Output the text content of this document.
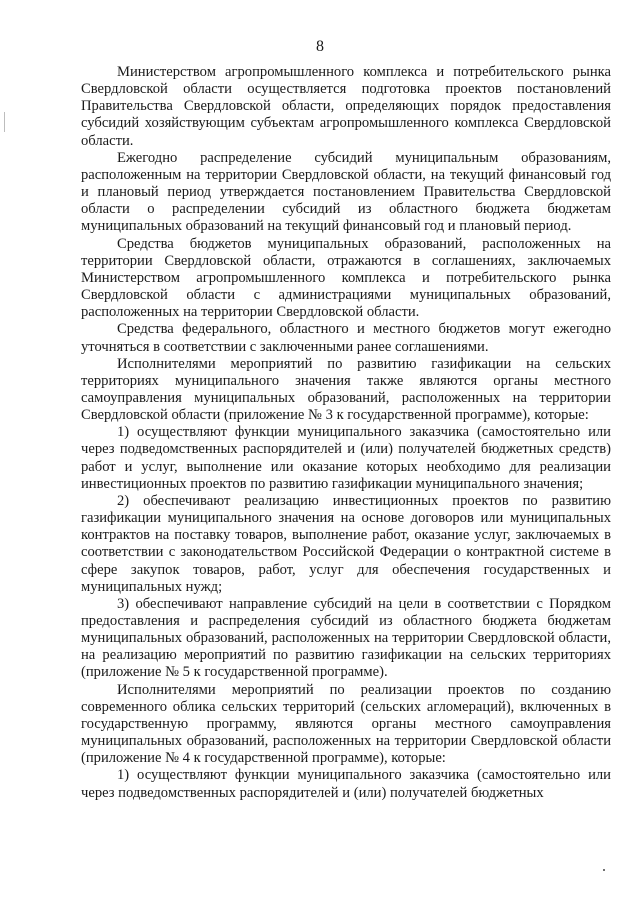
8

Министерством агропромышленного комплекса и потребительского рынка Свердловской области осуществляется подготовка проектов постановлений Правительства Свердловской области, определяющих порядок предоставления субсидий хозяйствующим субъектам агропромышленного комплекса Свердловской области.

Ежегодно распределение субсидий муниципальным образованиям, расположенным на территории Свердловской области, на текущий финансовый год и плановый период утверждается постановлением Правительства Свердловской области о распределении субсидий из областного бюджета бюджетам муниципальных образований на текущий финансовый год и плановый период.

Средства бюджетов муниципальных образований, расположенных на территории Свердловской области, отражаются в соглашениях, заключаемых Министерством агропромышленного комплекса и потребительского рынка Свердловской области с администрациями муниципальных образований, расположенных на территории Свердловской области.

Средства федерального, областного и местного бюджетов могут ежегодно уточняться в соответствии с заключенными ранее соглашениями.

Исполнителями мероприятий по развитию газификации на сельских территориях муниципального значения также являются органы местного самоуправления муниципальных образований, расположенных на территории Свердловской области (приложение № 3 к государственной программе), которые:

1) осуществляют функции муниципального заказчика (самостоятельно или через подведомственных распорядителей и (или) получателей бюджетных средств) работ и услуг, выполнение или оказание которых необходимо для реализации инвестиционных проектов по развитию газификации муниципального значения;

2) обеспечивают реализацию инвестиционных проектов по развитию газификации муниципального значения на основе договоров или муниципальных контрактов на поставку товаров, выполнение работ, оказание услуг, заключаемых в соответствии с законодательством Российской Федерации о контрактной системе в сфере закупок товаров, работ, услуг для обеспечения государственных и муниципальных нужд;

3) обеспечивают направление субсидий на цели в соответствии с Порядком предоставления и распределения субсидий из областного бюджета бюджетам муниципальных образований, расположенных на территории Свердловской области, на реализацию мероприятий по развитию газификации на сельских территориях (приложение № 5 к государственной программе).

Исполнителями мероприятий по реализации проектов по созданию современного облика сельских территорий (сельских агломераций), включенных в государственную программу, являются органы местного самоуправления муниципальных образований, расположенных на территории Свердловской области (приложение № 4 к государственной программе), которые:

1) осуществляют функции муниципального заказчика (самостоятельно или через подведомственных распорядителей и (или) получателей бюджетных
